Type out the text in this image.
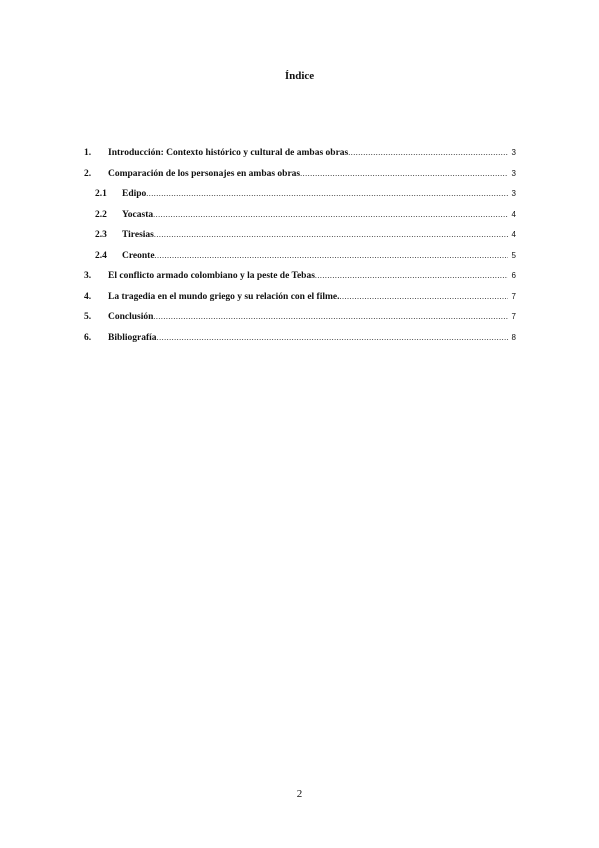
Índice
1.	Introducción: Contexto histórico y cultural de ambas obras .....	3
2.	Comparación de los personajes en ambas obras .....	3
2.1	Edipo .....	3
2.2	Yocasta .....	4
2.3	Tiresias .....	4
2.4	Creonte .....	5
3.	El conflicto armado colombiano y la peste de Tebas .....	6
4.	La tragedia en el mundo griego y su relación con el filme. .....	7
5.	Conclusión .....	7
6.	Bibliografía .....	8
2
